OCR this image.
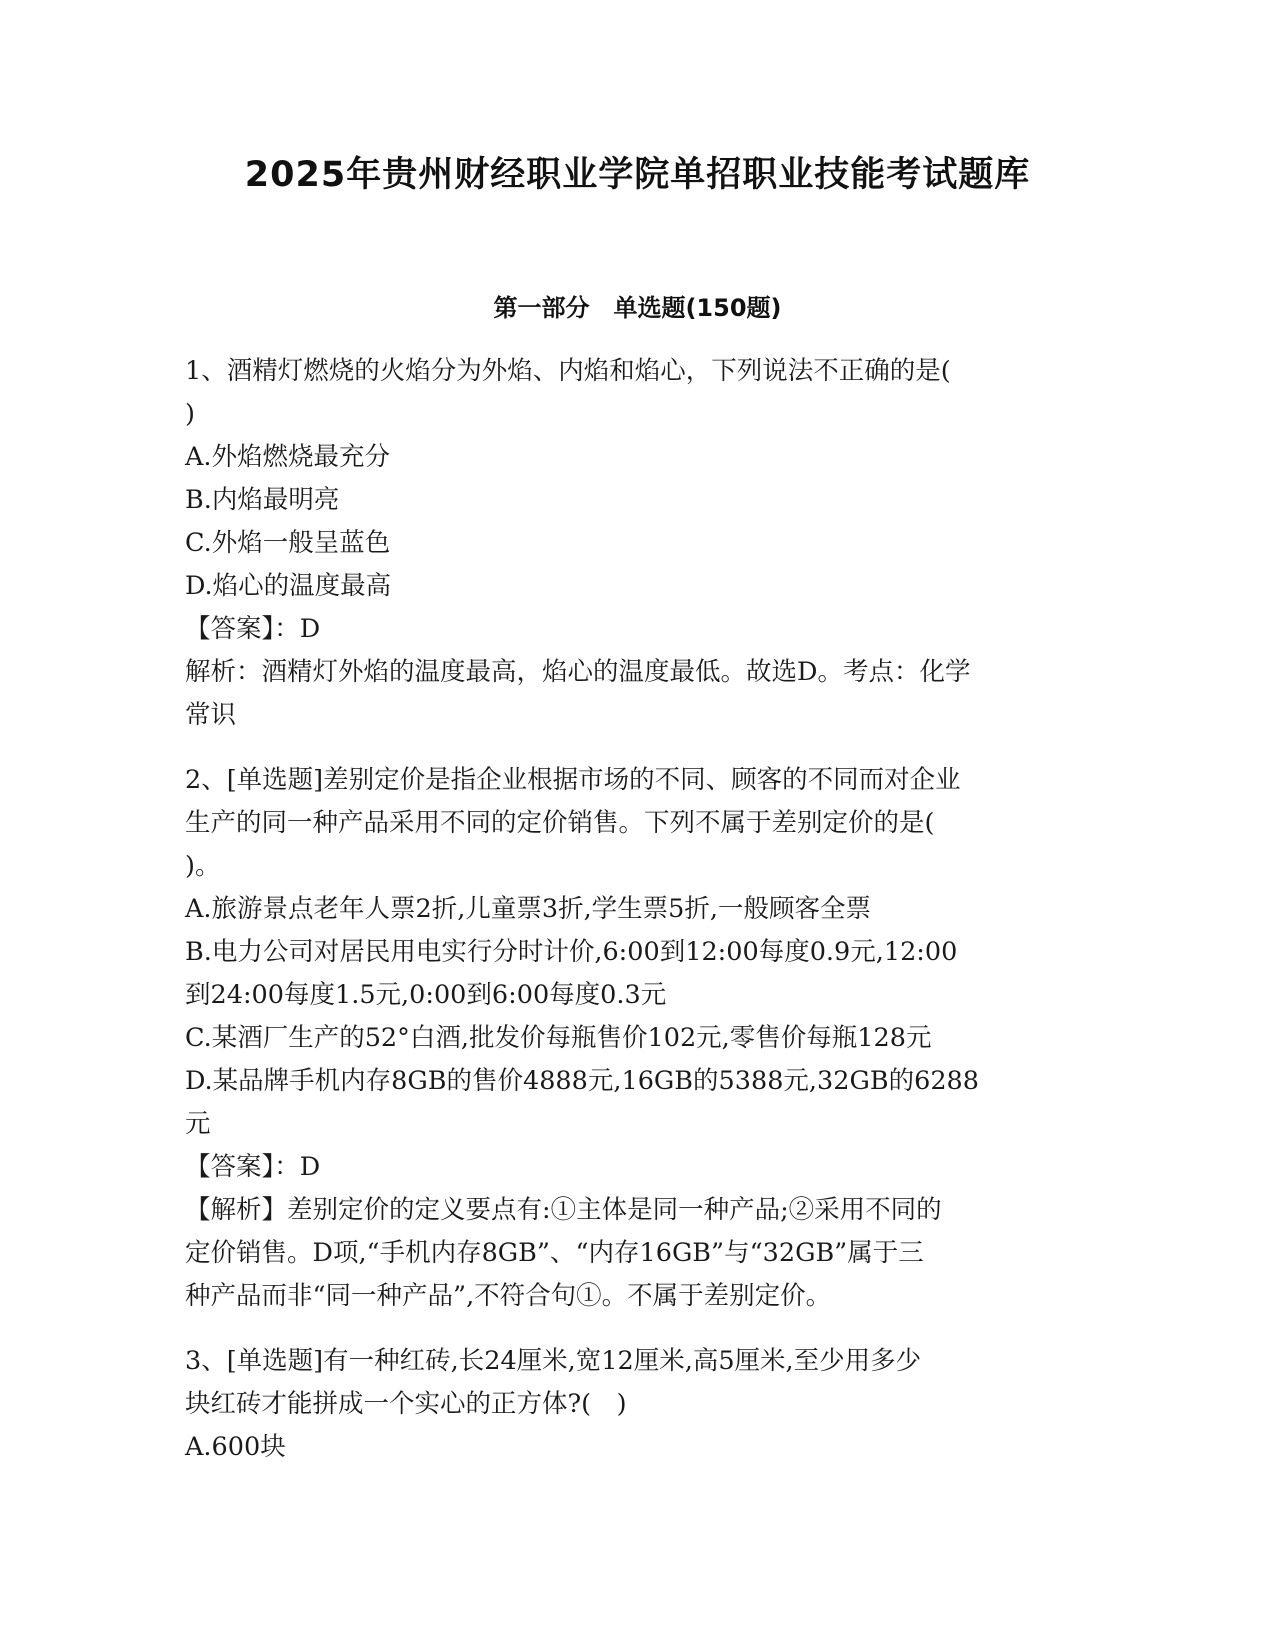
2025年贵州财经职业学院单招职业技能考试题库
第一部分　单选题(150题)
1、酒精灯燃烧的火焰分为外焰、内焰和焰心，下列说法不正确的是(
)
A.外焰燃烧最充分
B.内焰最明亮
C.外焰一般呈蓝色
D.焰心的温度最高
【答案】：D
解析：酒精灯外焰的温度最高，焰心的温度最低。故选D。考点：化学
常识
2、[单选题]差别定价是指企业根据市场的不同、顾客的不同而对企业
生产的同一种产品采用不同的定价销售。下列不属于差别定价的是(
)。
A.旅游景点老年人票2折,儿童票3折,学生票5折,一般顾客全票
B.电力公司对居民用电实行分时计价,6:00到12:00每度0.9元,12:00
到24:00每度1.5元,0:00到6:00每度0.3元
C.某酒厂生产的52°白酒,批发价每瓶售价102元,零售价每瓶128元
D.某品牌手机内存8GB的售价4888元,16GB的5388元,32GB的6288
元
【答案】：D
【解析】差别定价的定义要点有:①主体是同一种产品;②采用不同的
定价销售。D项,“手机内存8GB”、“内存16GB”与“32GB”属于三
种产品而非“同一种产品”,不符合句①。不属于差别定价。
3、[单选题]有一种红砖,长24厘米,宽12厘米,高5厘米,至少用多少
块红砖才能拼成一个实心的正方体?(　)
A.600块
